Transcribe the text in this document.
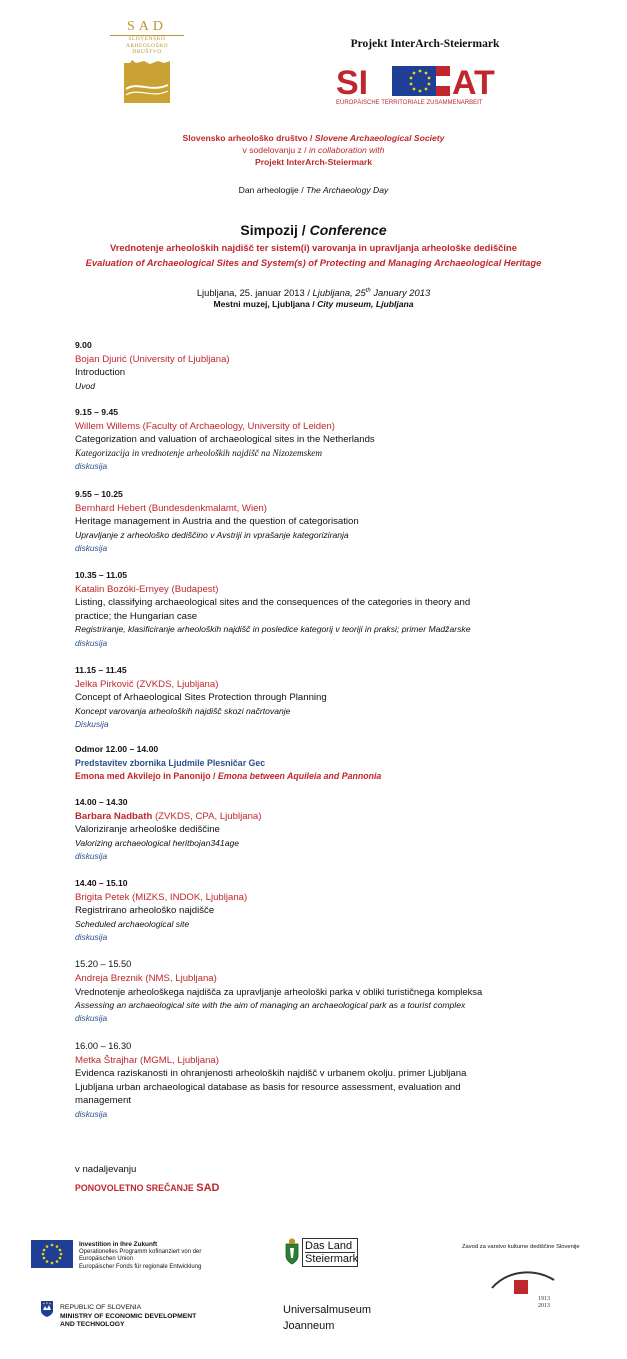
SAD
SLOVENSKO
ARHEOLOŠKO
DRUŠTVO
Projekt InterArch-Steiermark
SI AT
EUROPÄISCHE TERRITORIALE ZUSAMMENARBEIT
Slovensko arheološko društvo / Slovene Archaeological Society
v sodelovanju z / in collaboration with
Projekt InterArch-Steiermark
Dan arheologije / The Archaeology Day
Simpozij / Conference
Vrednotenje arheoloških najdišč ter sistem(i) varovanja in upravljanja arheološke dediščine
Evaluation of Archaeological Sites and System(s) of Protecting and Managing Archaeological Heritage
Ljubljana, 25. januar 2013 / Ljubljana, 25th January 2013
Mestni muzej, Ljubljana / City museum, Ljubljana
9.00
Bojan Djurić (University of Ljubljana)
Introduction
Uvod
9.15 – 9.45
Willem Willems (Faculty of Archaeology, University of Leiden)
Categorization and valuation of archaeological sites in the Netherlands
Kategorizacija in vrednotenje arheoloških najdišč na Nizozemskem
diskusija
9.55 – 10.25
Bernhard Hebert (Bundesdenkmalamt, Wien)
Heritage management in Austria and the question of categorisation
Upravljanje z arheološko dediščino v Avstriji in vprašanje kategoriziranja
diskusija
10.35 – 11.05
Katalin Bozóki-Ernyey (Budapest)
Listing, classifying archaeological sites and the consequences of the categories in theory and
practice; the Hungarian case
Registriranje, klasificiranje arheoloških najdišč in posledice kategorij v teoriji in praksi; primer Madžarske
diskusija
11.15 – 11.45
Jelka Pirkovič (ZVKDS, Ljubljana)
Concept of Arhaeological Sites Protection through Planning
Koncept varovanja arheoloških najdišč skozi načrtovanje
Diskusija
Odmor 12.00 – 14.00
Predstavitev zbornika Ljudmile Plesničar Gec
Emona med Akvilejo in Panonijo / Emona between Aquileia and Pannonia
14.00 – 14.30
Barbara Nadbath (ZVKDS, CPA, Ljubljana)
Valoriziranje arheološke dediščine
Valorizing archaeological heritbojan341age
diskusija
14.40 – 15.10
Brigita Petek (MIZKS, INDOK, Ljubljana)
Registrirano arheološko najdišče
Scheduled archaeological site
diskusija
15.20 – 15.50
Andreja Breznik (NMS, Ljubljana)
Vrednotenje arheološkega najdišča za upravljanje arheološki parka v obliki turističnega kompleksa
Assessing an archaeological site with the aim of managing an archaeological park as a tourist complex
diskusija
16.00 – 16.30
Metka Štrajhar (MGML, Ljubljana)
Evidenca raziskanosti in ohranjenosti arheoloških najdišč v urbanem okolju. primer Ljubljana
Ljubljana urban archaeological database as basis for resource assessment, evaluation and
management
diskusija
v nadaljevanju
PONOVOLETNO SREČANJE SAD
Investition in Ihre Zukunft
Operationelles Programm kofinanziert von der Europäischen Union
Europäischer Fonds für regionale Entwicklung
Das Land
Steiermark
Zavod za varstvo kulturne dediščine Slovenije
1913
2013
REPUBLIC OF SLOVENIA
MINISTRY OF ECONOMIC DEVELOPMENT
AND TECHNOLOGY
Universalmuseum
Joanneum
